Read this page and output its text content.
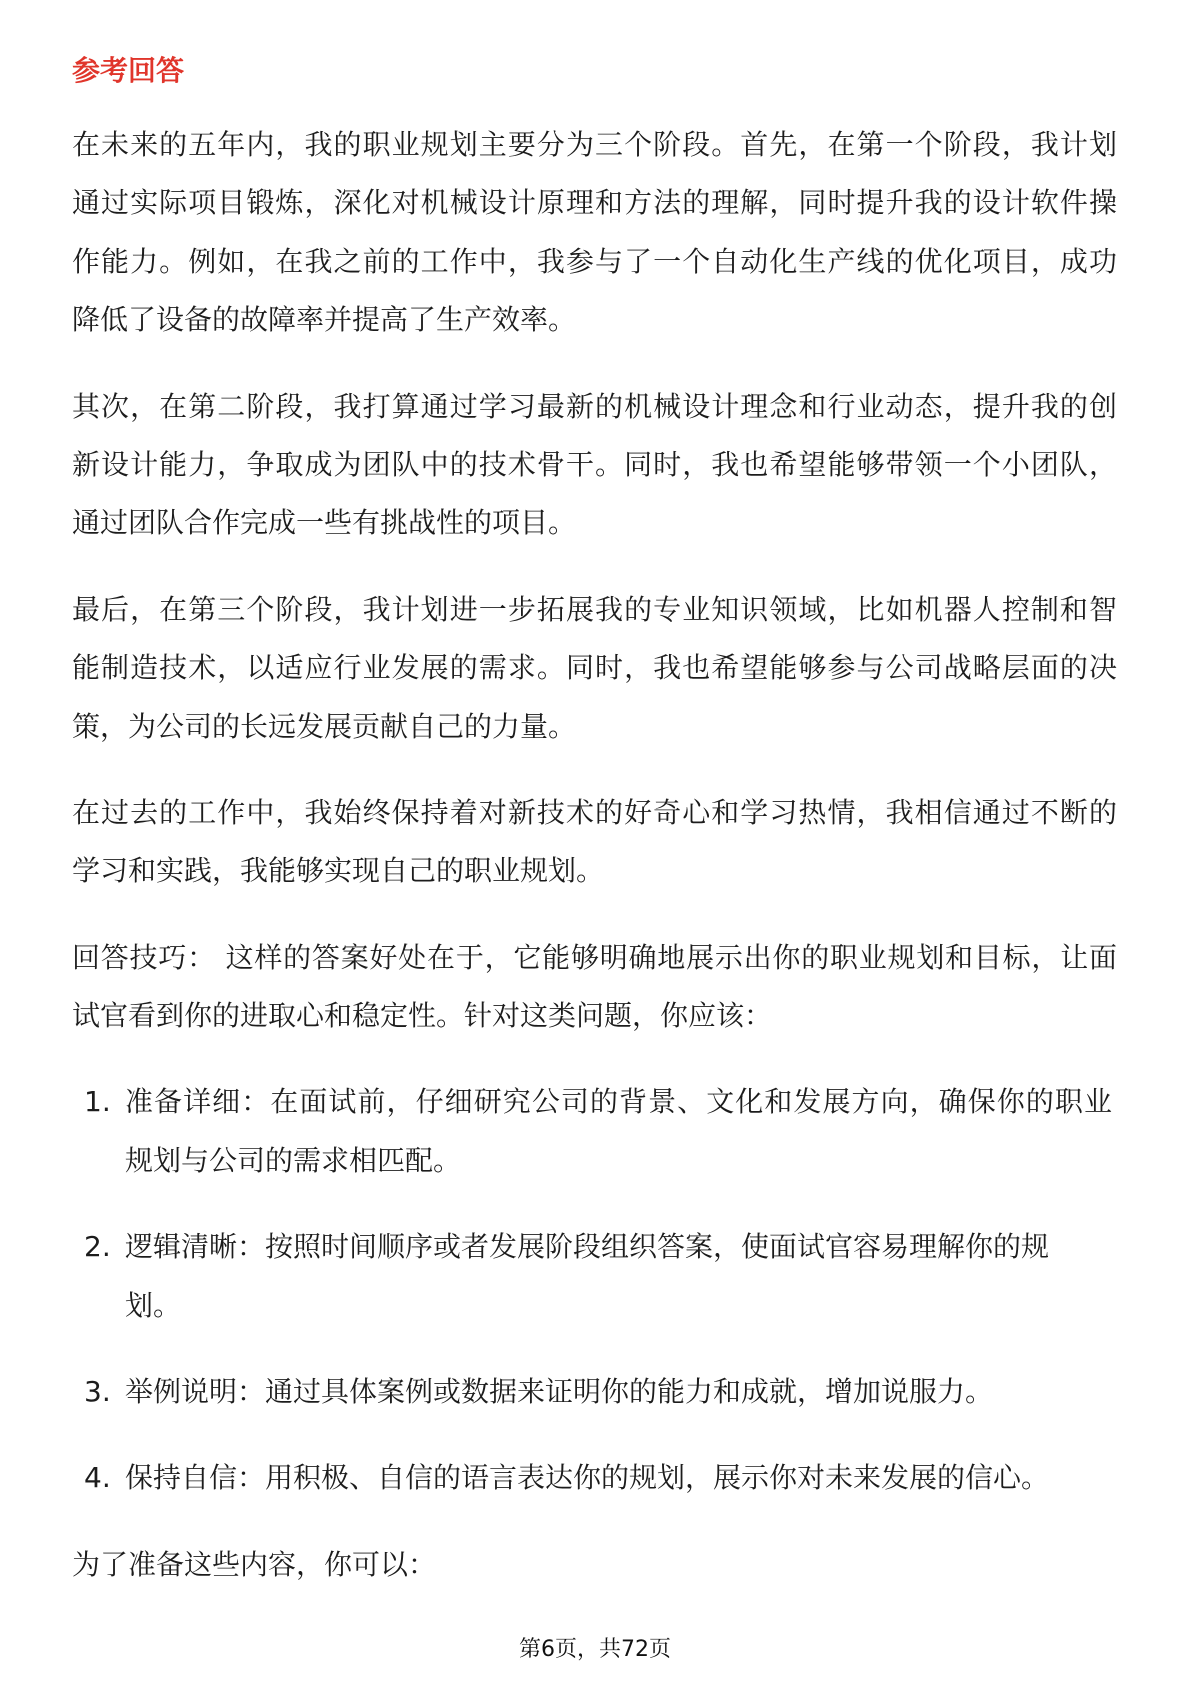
参考回答
在未来的五年内，我的职业规划主要分为三个阶段。首先，在第一个阶段，我计划
通过实际项目锻炼，深化对机械设计原理和方法的理解，同时提升我的设计软件操
作能力。例如，在我之前的工作中，我参与了一个自动化生产线的优化项目，成功
降低了设备的故障率并提高了生产效率。
其次，在第二阶段，我打算通过学习最新的机械设计理念和行业动态，提升我的创
新设计能力，争取成为团队中的技术骨干。同时，我也希望能够带领一个小团队，
通过团队合作完成一些有挑战性的项目。
最后，在第三个阶段，我计划进一步拓展我的专业知识领域，比如机器人控制和智
能制造技术，以适应行业发展的需求。同时，我也希望能够参与公司战略层面的决
策，为公司的长远发展贡献自己的力量。
在过去的工作中，我始终保持着对新技术的好奇心和学习热情，我相信通过不断的
学习和实践，我能够实现自己的职业规划。
回答技巧： 这样的答案好处在于，它能够明确地展示出你的职业规划和目标，让面
试官看到你的进取心和稳定性。针对这类问题，你应该：
1. 准备详细：在面试前，仔细研究公司的背景、文化和发展方向，确保你的职业
规划与公司的需求相匹配。
2. 逻辑清晰：按照时间顺序或者发展阶段组织答案，使面试官容易理解你的规
划。
3. 举例说明：通过具体案例或数据来证明你的能力和成就，增加说服力。
4. 保持自信：用积极、自信的语言表达你的规划，展示你对未来发展的信心。
为了准备这些内容，你可以：
第6页，共72页
